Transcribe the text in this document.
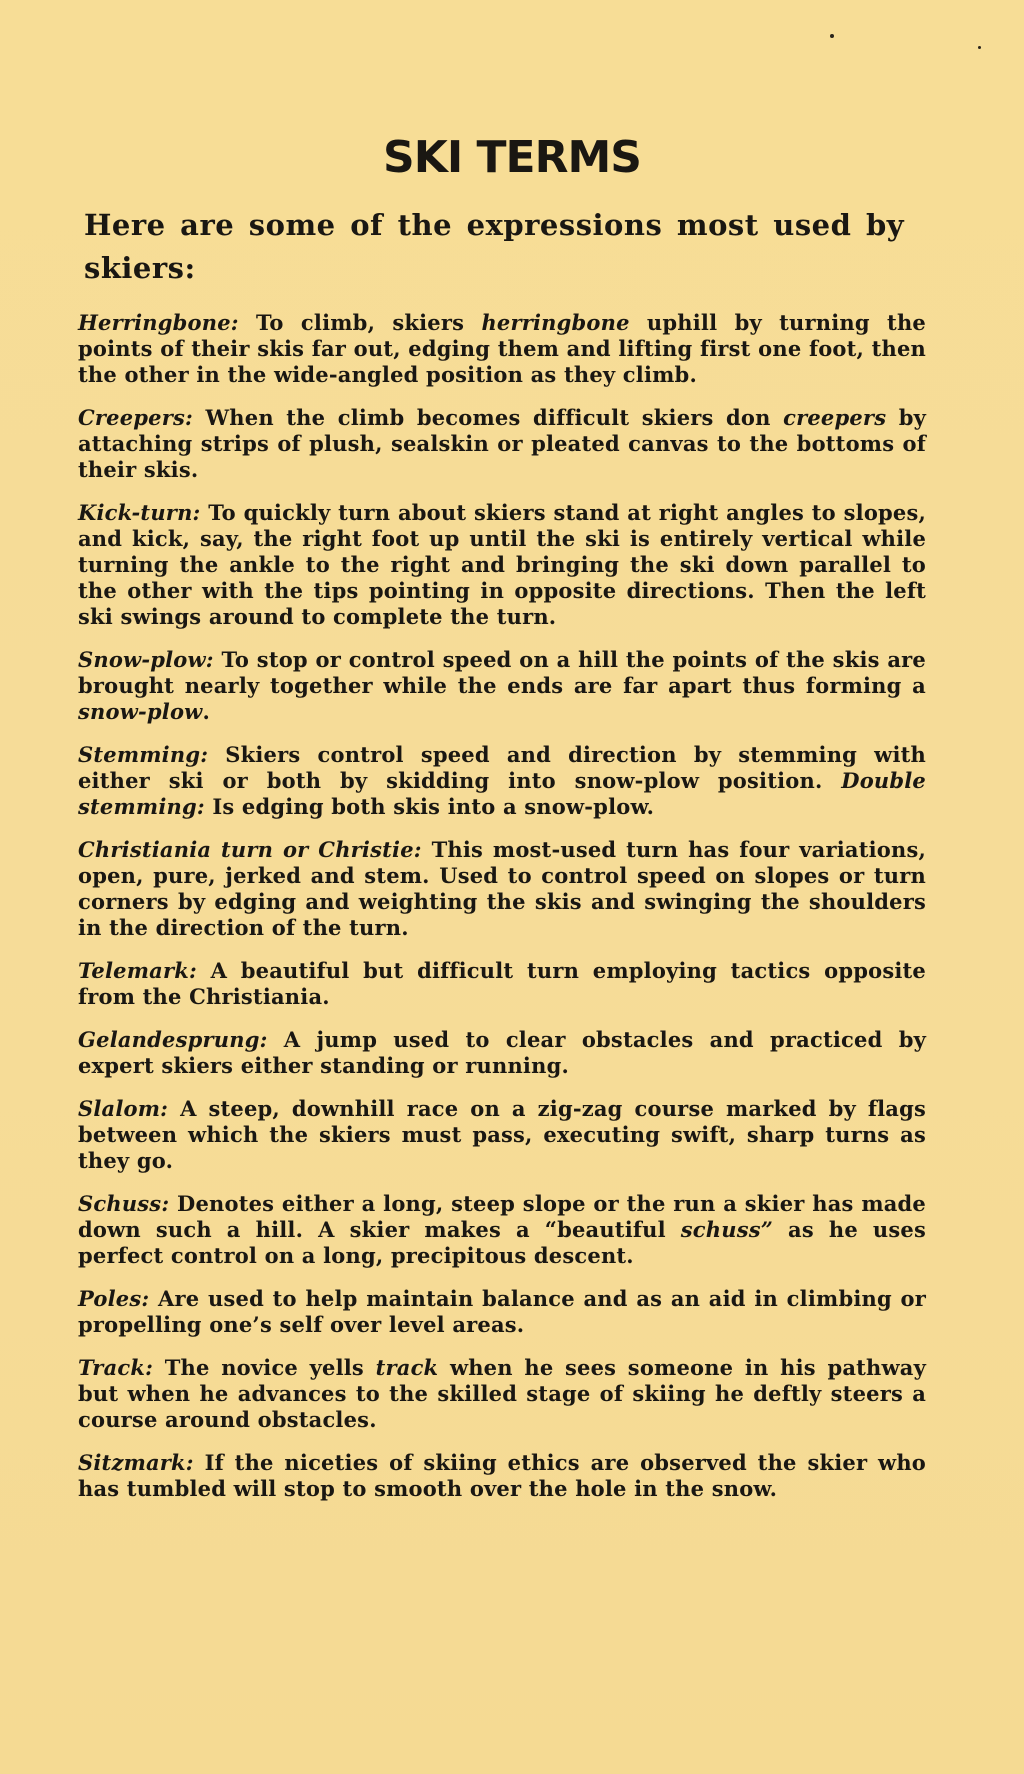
SKI TERMS

Here are some of the expressions most used by skiers:

Herringbone: To climb, skiers herringbone uphill by turning the points of their skis far out, edging them and lifting first one foot, then the other in the wide-angled position as they climb.

Creepers: When the climb becomes difficult skiers don creepers by attaching strips of plush, sealskin or pleated canvas to the bottoms of their skis.

Kick-turn: To quickly turn about skiers stand at right angles to slopes, and kick, say, the right foot up until the ski is entirely vertical while turning the ankle to the right and bringing the ski down parallel to the other with the tips pointing in opposite directions. Then the left ski swings around to complete the turn.

Snow-plow: To stop or control speed on a hill the points of the skis are brought nearly together while the ends are far apart thus forming a snow-plow.

Stemming: Skiers control speed and direction by stemming with either ski or both by skidding into snow-plow position. Double stemming: Is edging both skis into a snow-plow.

Christiania turn or Christie: This most-used turn has four variations, open, pure, jerked and stem. Used to control speed on slopes or turn corners by edging and weighting the skis and swinging the shoulders in the direction of the turn.

Telemark: A beautiful but difficult turn employing tactics opposite from the Christiania.

Gelandesprung: A jump used to clear obstacles and practiced by expert skiers either standing or running.

Slalom: A steep, downhill race on a zig-zag course marked by flags between which the skiers must pass, executing swift, sharp turns as they go.

Schuss: Denotes either a long, steep slope or the run a skier has made down such a hill. A skier makes a “beautiful schuss” as he uses perfect control on a long, precipitous descent.

Poles: Are used to help maintain balance and as an aid in climbing or propelling one’s self over level areas.

Track: The novice yells track when he sees someone in his pathway but when he advances to the skilled stage of skiing he deftly steers a course around obstacles.

Sitzmark: If the niceties of skiing ethics are observed the skier who has tumbled will stop to smooth over the hole in the snow.
